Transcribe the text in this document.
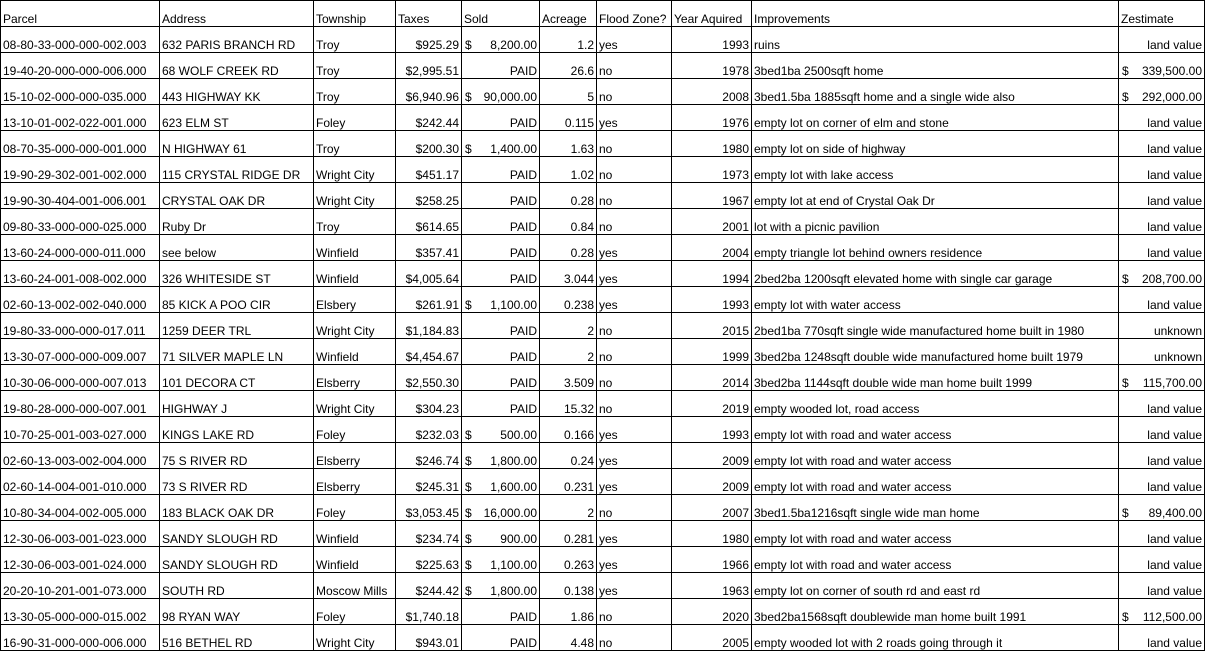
Parcel	Address	Township	Taxes	Sold	Acreage	Flood Zone?	Year Aquired	Improvements	Zestimate
08-80-33-000-000-002.003	632 PARIS BRANCH RD	Troy	$925.29	$ 8,200.00	1.2	yes	1993	ruins	land value

19-40-20-000-000-006.000	68 WOLF CREEK RD	Troy	$2,995.51	PAID	26.6	no	1978	3bed1ba 2500sqft home	$ 339,500.00

15-10-02-000-000-035.000	443 HIGHWAY KK	Troy	$6,940.96	$ 90,000.00	5	no	2008	3bed1.5ba 1885sqft home and a single wide also	$ 292,000.00

13-10-01-002-022-001.000	623 ELM ST	Foley	$242.44	PAID	0.115	yes	1976	empty lot on corner of elm and stone	land value

08-70-35-000-000-001.000	N HIGHWAY 61	Troy	$200.30	$ 1,400.00	1.63	no	1980	empty lot on side of highway	land value

19-90-29-302-001-002.000	115 CRYSTAL RIDGE DR	Wright City	$451.17	PAID	1.02	no	1973	empty lot with lake access	land value

19-90-30-404-001-006.001	CRYSTAL OAK DR	Wright City	$258.25	PAID	0.28	no	1967	empty lot at end of Crystal Oak Dr	land value

09-80-33-000-000-025.000	Ruby Dr	Troy	$614.65	PAID	0.84	no	2001	lot with a picnic pavilion	land value

13-60-24-000-000-011.000	see below	Winfield	$357.41	PAID	0.28	yes	2004	empty triangle lot behind owners residence	land value

13-60-24-001-008-002.000	326 WHITESIDE ST	Winfield	$4,005.64	PAID	3.044	yes	1994	2bed2ba 1200sqft elevated home with single car garage	$ 208,700.00

02-60-13-002-002-040.000	85 KICK A POO CIR	Elsbery	$261.91	$ 1,100.00	0.238	yes	1993	empty lot with water access	land value

19-80-33-000-000-017.011	1259 DEER TRL	Wright City	$1,184.83	PAID	2	no	2015	2bed1ba 770sqft single wide manufactured home built in 1980	unknown

13-30-07-000-000-009.007	71 SILVER MAPLE LN	Winfield	$4,454.67	PAID	2	no	1999	3bed2ba 1248sqft double wide manufactured home built 1979	unknown

10-30-06-000-000-007.013	101 DECORA CT	Elsberry	$2,550.30	PAID	3.509	no	2014	3bed2ba 1144sqft double wide man home built 1999	$ 115,700.00

19-80-28-000-000-007.001	HIGHWAY J	Wright City	$304.23	PAID	15.32	no	2019	empty wooded lot, road access	land value

10-70-25-001-003-027.000	KINGS LAKE RD	Foley	$232.03	$ 500.00	0.166	yes	1993	empty lot with road and water access	land value

02-60-13-003-002-004.000	75 S RIVER RD	Elsberry	$246.74	$ 1,800.00	0.24	yes	2009	empty lot with road and water access	land value

02-60-14-004-001-010.000	73 S RIVER RD	Elsberry	$245.31	$ 1,600.00	0.231	yes	2009	empty lot with road and water access	land value

10-80-34-004-002-005.000	183 BLACK OAK DR	Foley	$3,053.45	$ 16,000.00	2	no	2007	3bed1.5ba1216sqft single wide man home	$ 89,400.00

12-30-06-003-001-023.000	SANDY SLOUGH RD	Winfield	$234.74	$ 900.00	0.281	yes	1980	empty lot with road and water access	land value

12-30-06-003-001-024.000	SANDY SLOUGH RD	Winfield	$225.63	$ 1,100.00	0.263	yes	1966	empty lot with road and water access	land value

20-20-10-201-001-073.000	SOUTH RD	Moscow Mills	$244.42	$ 1,800.00	0.138	yes	1963	empty lot on corner of south rd and east rd	land value

13-30-05-000-000-015.002	98 RYAN WAY	Foley	$1,740.18	PAID	1.86	no	2020	3bed2ba1568sqft doublewide man home built 1991	$ 112,500.00

16-90-31-000-000-006.000	516 BETHEL RD	Wright City	$943.01	PAID	4.48	no	2005	empty wooded lot with 2 roads going through it	land value
